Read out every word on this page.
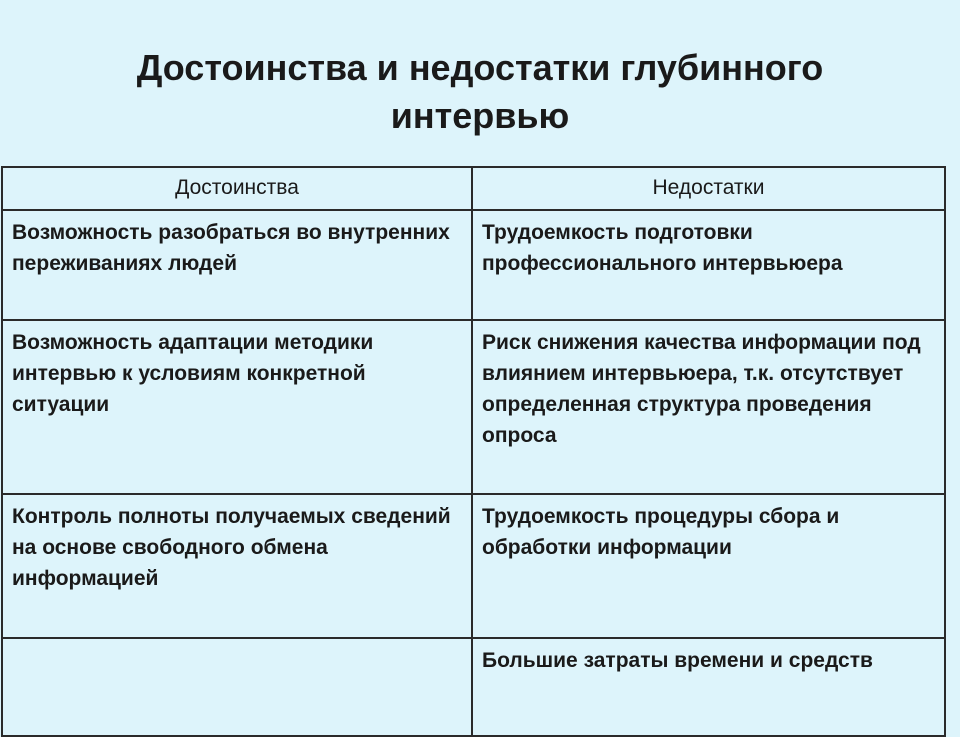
Достоинства и недостатки глубинного
интервью
Достоинства	Недостатки
Возможность разобраться во внутренних переживаниях людей	Трудоемкость подготовки профессионального интервьюера
Возможность адаптации методики интервью к условиям конкретной ситуации	Риск снижения качества информации под влиянием интервьюера, т.к. отсутствует определенная структура проведения опроса
Контроль полноты получаемых сведений на основе свободного обмена информацией	Трудоемкость процедуры сбора и обработки информации
	Большие затраты времени и средств
